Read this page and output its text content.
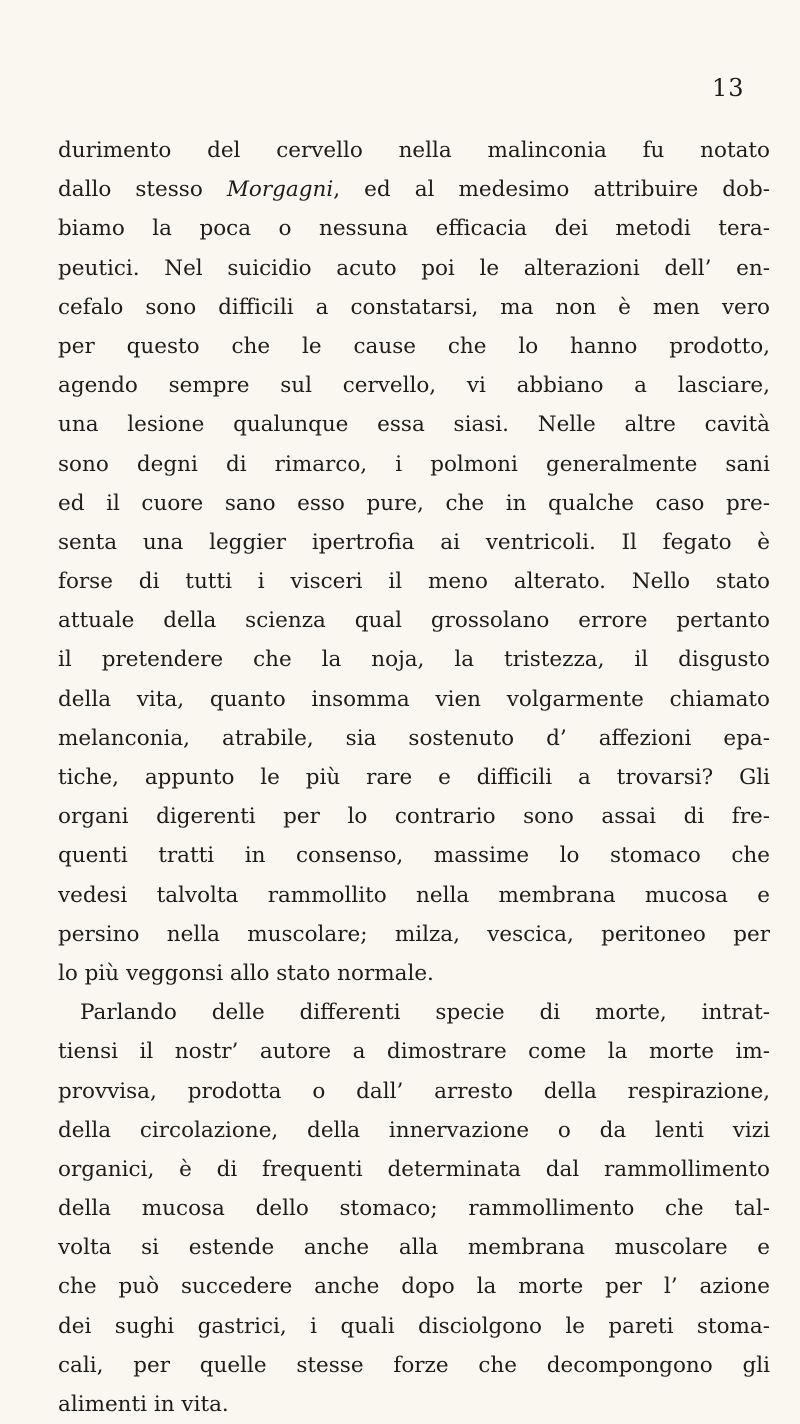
13
durimento del cervello nella malinconia fu notato
dallo stesso Morgagni, ed al medesimo attribuire dob-
biamo la poca o nessuna efficacia dei metodi tera-
peutici. Nel suicidio acuto poi le alterazioni dell’ en-
cefalo sono difficili a constatarsi, ma non è men vero
per questo che le cause che lo hanno prodotto,
agendo sempre sul cervello, vi abbiano a lasciare,
una lesione qualunque essa siasi. Nelle altre cavità
sono degni di rimarco, i polmoni generalmente sani
ed il cuore sano esso pure, che in qualche caso pre-
senta una leggier ipertrofia ai ventricoli. Il fegato è
forse di tutti i visceri il meno alterato. Nello stato
attuale della scienza qual grossolano errore pertanto
il pretendere che la noja, la tristezza, il disgusto
della vita, quanto insomma vien volgarmente chiamato
melanconia, atrabile, sia sostenuto d’ affezioni epa-
tiche, appunto le più rare e difficili a trovarsi? Gli
organi digerenti per lo contrario sono assai di fre-
quenti tratti in consenso, massime lo stomaco che
vedesi talvolta rammollito nella membrana mucosa e
persino nella muscolare; milza, vescica, peritoneo per
lo più veggonsi allo stato normale.
Parlando delle differenti specie di morte, intrat-
tiensi il nostr’ autore a dimostrare come la morte im-
provvisa, prodotta o dall’ arresto della respirazione,
della circolazione, della innervazione o da lenti vizi
organici, è di frequenti determinata dal rammollimento
della mucosa dello stomaco; rammollimento che tal-
volta si estende anche alla membrana muscolare e
che può succedere anche dopo la morte per l’ azione
dei sughi gastrici, i quali disciolgono le pareti stoma-
cali, per quelle stesse forze che decompongono gli
alimenti in vita.
